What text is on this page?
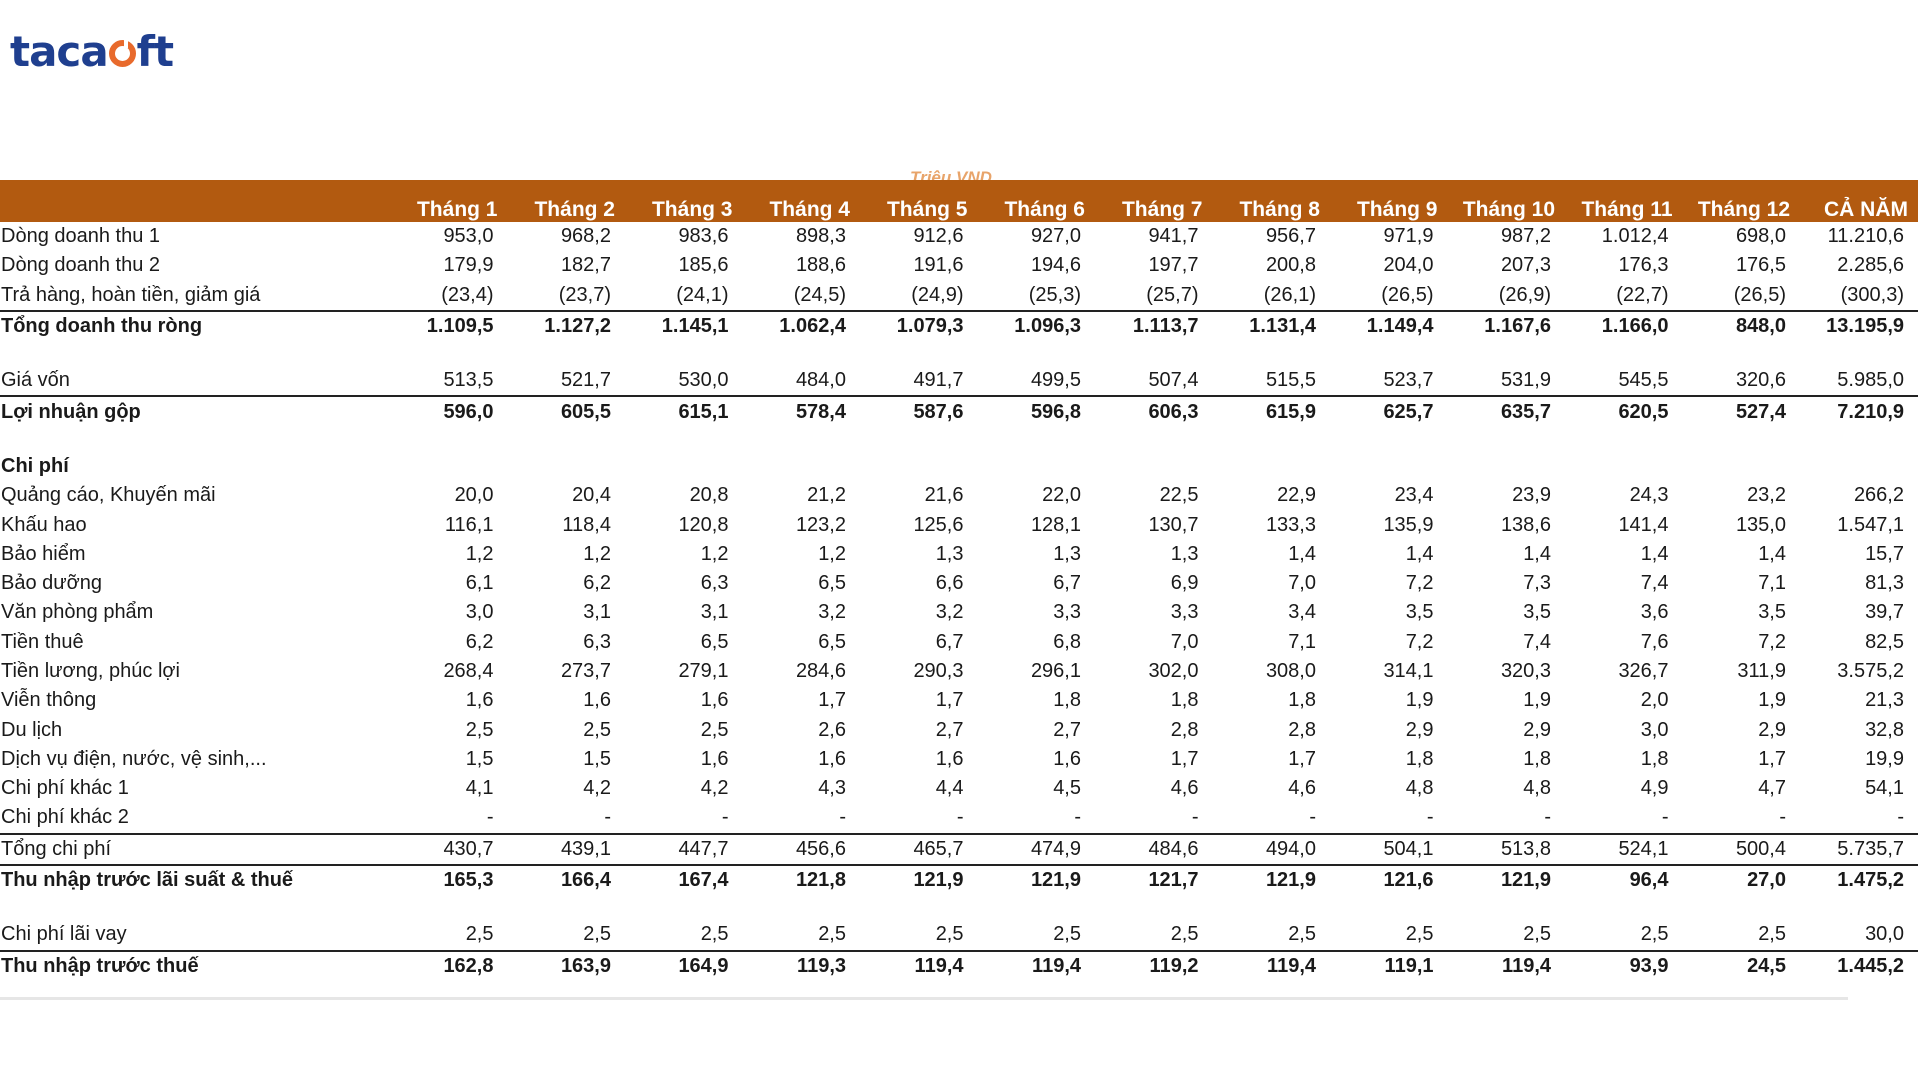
taca ft
Triệu VND
	Tháng 1	Tháng 2	Tháng 3	Tháng 4	Tháng 5	Tháng 6	Tháng 7	Tháng 8	Tháng 9	Tháng 10	Tháng 11	Tháng 12	CẢ NĂM
Dòng doanh thu 1	953,0	968,2	983,6	898,3	912,6	927,0	941,7	956,7	971,9	987,2	1.012,4	698,0	11.210,6
Dòng doanh thu 2	179,9	182,7	185,6	188,6	191,6	194,6	197,7	200,8	204,0	207,3	176,3	176,5	2.285,6
Trả hàng, hoàn tiền, giảm giá	(23,4)	(23,7)	(24,1)	(24,5)	(24,9)	(25,3)	(25,7)	(26,1)	(26,5)	(26,9)	(22,7)	(26,5)	(300,3)
Tổng doanh thu ròng	1.109,5	1.127,2	1.145,1	1.062,4	1.079,3	1.096,3	1.113,7	1.131,4	1.149,4	1.167,6	1.166,0	848,0	13.195,9

Giá vốn	513,5	521,7	530,0	484,0	491,7	499,5	507,4	515,5	523,7	531,9	545,5	320,6	5.985,0
Lợi nhuận gộp	596,0	605,5	615,1	578,4	587,6	596,8	606,3	615,9	625,7	635,7	620,5	527,4	7.210,9

Chi phí													
Quảng cáo, Khuyến mãi	20,0	20,4	20,8	21,2	21,6	22,0	22,5	22,9	23,4	23,9	24,3	23,2	266,2
Khấu hao	116,1	118,4	120,8	123,2	125,6	128,1	130,7	133,3	135,9	138,6	141,4	135,0	1.547,1
Bảo hiểm	1,2	1,2	1,2	1,2	1,3	1,3	1,3	1,4	1,4	1,4	1,4	1,4	15,7
Bảo dưỡng	6,1	6,2	6,3	6,5	6,6	6,7	6,9	7,0	7,2	7,3	7,4	7,1	81,3
Văn phòng phẩm	3,0	3,1	3,1	3,2	3,2	3,3	3,3	3,4	3,5	3,5	3,6	3,5	39,7
Tiền thuê	6,2	6,3	6,5	6,5	6,7	6,8	7,0	7,1	7,2	7,4	7,6	7,2	82,5
Tiền lương, phúc lợi	268,4	273,7	279,1	284,6	290,3	296,1	302,0	308,0	314,1	320,3	326,7	311,9	3.575,2
Viễn thông	1,6	1,6	1,6	1,7	1,7	1,8	1,8	1,8	1,9	1,9	2,0	1,9	21,3
Du lịch	2,5	2,5	2,5	2,6	2,7	2,7	2,8	2,8	2,9	2,9	3,0	2,9	32,8
Dịch vụ điện, nước, vệ sinh,...	1,5	1,5	1,6	1,6	1,6	1,6	1,7	1,7	1,8	1,8	1,8	1,7	19,9
Chi phí khác 1	4,1	4,2	4,2	4,3	4,4	4,5	4,6	4,6	4,8	4,8	4,9	4,7	54,1
Chi phí khác 2	-	-	-	-	-	-	-	-	-	-	-	-	-
Tổng chi phí	430,7	439,1	447,7	456,6	465,7	474,9	484,6	494,0	504,1	513,8	524,1	500,4	5.735,7
Thu nhập trước lãi suất & thuế	165,3	166,4	167,4	121,8	121,9	121,9	121,7	121,9	121,6	121,9	96,4	27,0	1.475,2

Chi phí lãi vay	2,5	2,5	2,5	2,5	2,5	2,5	2,5	2,5	2,5	2,5	2,5	2,5	30,0
Thu nhập trước thuế	162,8	163,9	164,9	119,3	119,4	119,4	119,2	119,4	119,1	119,4	93,9	24,5	1.445,2
